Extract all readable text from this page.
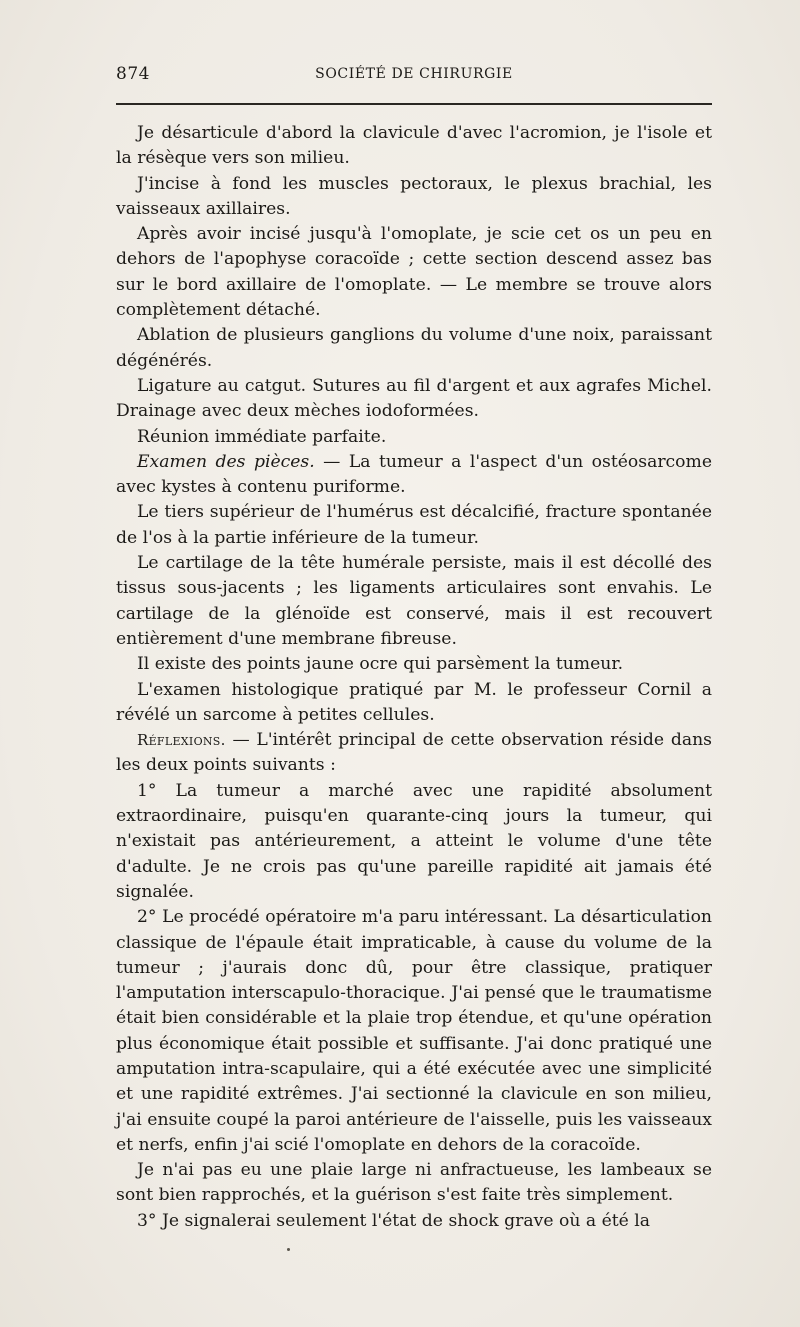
874	SOCIÉTÉ DE CHIRURGIE

Je désarticule d'abord la clavicule d'avec l'acromion, je l'isole et la résèque vers son milieu.

J'incise à fond les muscles pectoraux, le plexus brachial, les vaisseaux axillaires.

Après avoir incisé jusqu'à l'omoplate, je scie cet os un peu en dehors de l'apophyse coracoïde ; cette section descend assez bas sur le bord axillaire de l'omoplate. — Le membre se trouve alors complètement détaché.

Ablation de plusieurs ganglions du volume d'une noix, paraissant dégénérés.

Ligature au catgut. Sutures au fil d'argent et aux agrafes Michel. Drainage avec deux mèches iodoformées.

Réunion immédiate parfaite.

Examen des pièces. — La tumeur a l'aspect d'un ostéosarcome avec kystes à contenu puriforme.

Le tiers supérieur de l'humérus est décalcifié, fracture spontanée de l'os à la partie inférieure de la tumeur.

Le cartilage de la tête humérale persiste, mais il est décollé des tissus sous-jacents ; les ligaments articulaires sont envahis. Le cartilage de la glénoïde est conservé, mais il est recouvert entièrement d'une membrane fibreuse.

Il existe des points jaune ocre qui parsèment la tumeur.

L'examen histologique pratiqué par M. le professeur Cornil a révélé un sarcome à petites cellules.

Réflexions. — L'intérêt principal de cette observation réside dans les deux points suivants :

1° La tumeur a marché avec une rapidité absolument extraordinaire, puisqu'en quarante-cinq jours la tumeur, qui n'existait pas antérieurement, a atteint le volume d'une tête d'adulte. Je ne crois pas qu'une pareille rapidité ait jamais été signalée.

2° Le procédé opératoire m'a paru intéressant. La désarticulation classique de l'épaule était impraticable, à cause du volume de la tumeur ; j'aurais donc dû, pour être classique, pratiquer l'amputation interscapulo-thoracique. J'ai pensé que le traumatisme était bien considérable et la plaie trop étendue, et qu'une opération plus économique était possible et suffisante. J'ai donc pratiqué une amputation intra-scapulaire, qui a été exécutée avec une simplicité et une rapidité extrêmes. J'ai sectionné la clavicule en son milieu, j'ai ensuite coupé la paroi antérieure de l'aisselle, puis les vaisseaux et nerfs, enfin j'ai scié l'omoplate en dehors de la coracoïde.

Je n'ai pas eu une plaie large ni anfractueuse, les lambeaux se sont bien rapprochés, et la guérison s'est faite très simplement.

3° Je signalerai seulement l'état de shock grave où a été la
